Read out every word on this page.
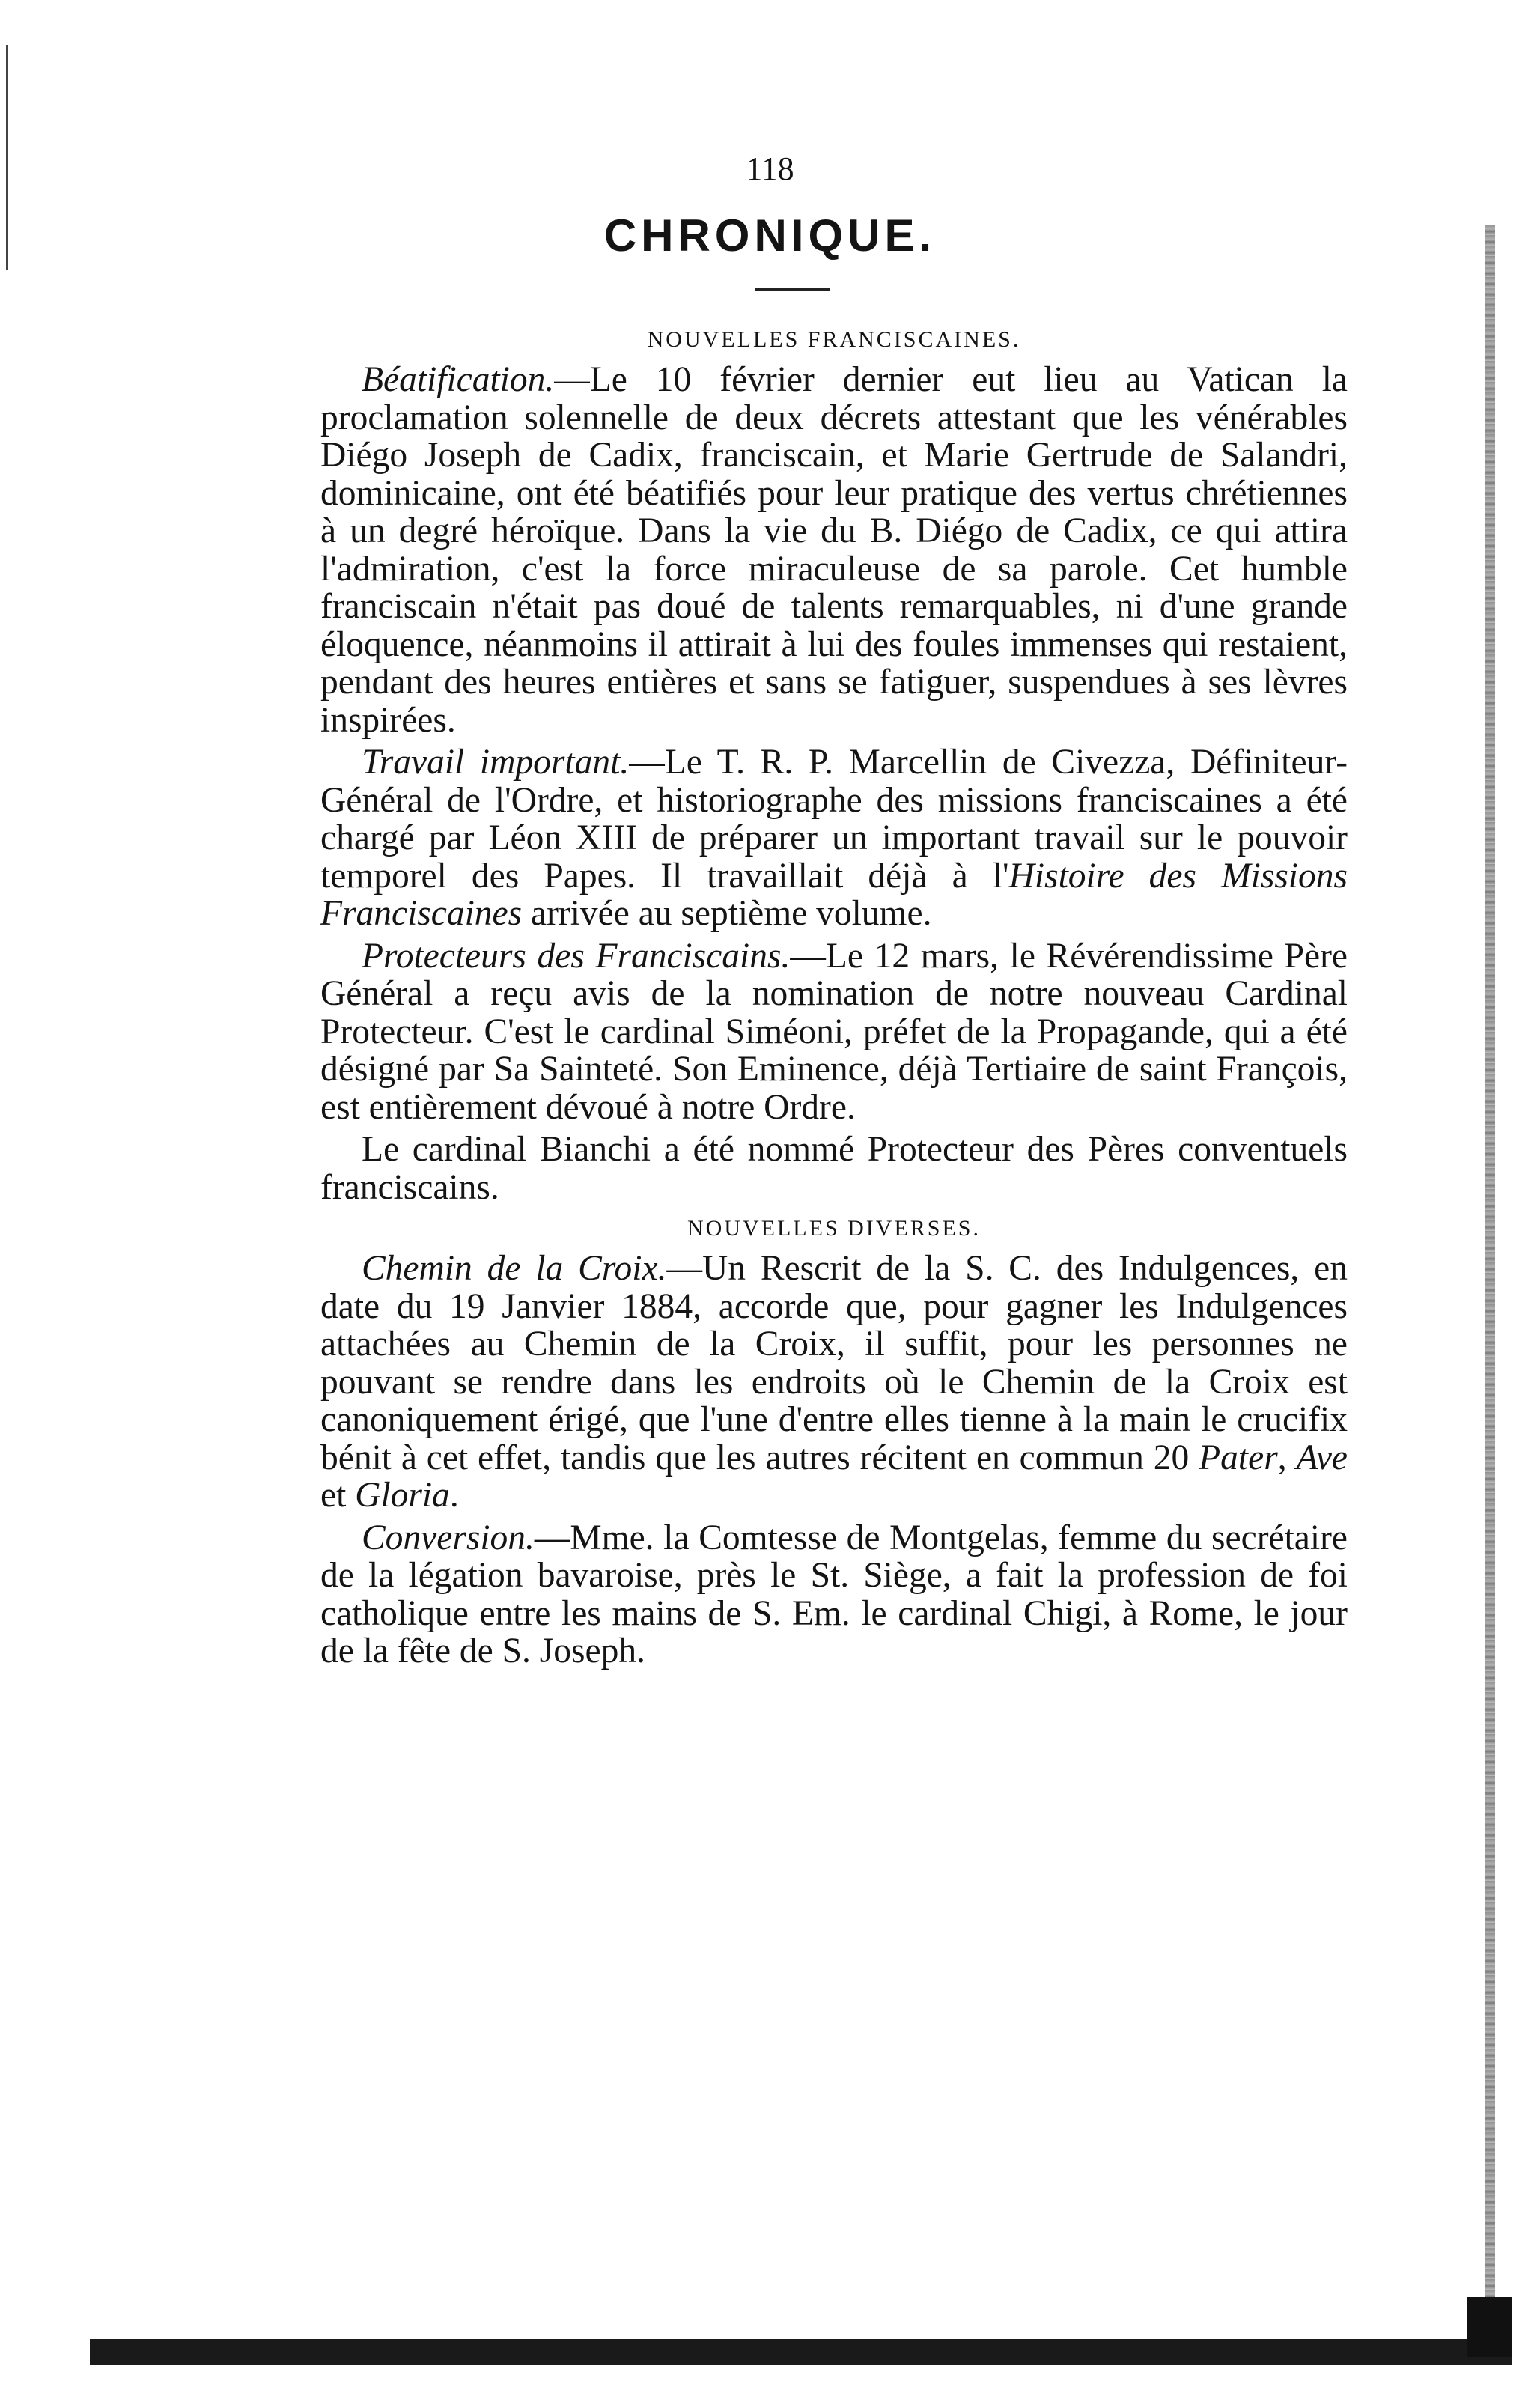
118
CHRONIQUE.
NOUVELLES FRANCISCAINES.

Béatification.—Le 10 février dernier eut lieu au Vatican la proclamation solennelle de deux décrets attestant que les vénérables Diégo Joseph de Cadix, franciscain, et Marie Gertrude de Salandri, dominicaine, ont été béatifiés pour leur pratique des vertus chrétiennes à un degré héroïque. Dans la vie du B. Diégo de Cadix, ce qui attira l'admiration, c'est la force miraculeuse de sa parole. Cet humble franciscain n'était pas doué de talents remarquables, ni d'une grande éloquence, néanmoins il attirait à lui des foules immenses qui restaient, pendant des heures entières et sans se fatiguer, suspendues à ses lèvres inspirées.

Travail important.—Le T. R. P. Marcellin de Civezza, Définiteur-Général de l'Ordre, et historiographe des missions franciscaines a été chargé par Léon XIII de préparer un important travail sur le pouvoir temporel des Papes. Il travaillait déjà à l'Histoire des Missions Franciscaines arrivée au septième volume.

Protecteurs des Franciscains.—Le 12 mars, le Révérendissime Père Général a reçu avis de la nomination de notre nouveau Cardinal Protecteur. C'est le cardinal Siméoni, préfet de la Propagande, qui a été désigné par Sa Sainteté. Son Eminence, déjà Tertiaire de saint François, est entièrement dévoué à notre Ordre.

Le cardinal Bianchi a été nommé Protecteur des Pères conventuels franciscains.

NOUVELLES DIVERSES.

Chemin de la Croix.—Un Rescrit de la S. C. des Indulgences, en date du 19 Janvier 1884, accorde que, pour gagner les Indulgences attachées au Chemin de la Croix, il suffit, pour les personnes ne pouvant se rendre dans les endroits où le Chemin de la Croix est canoniquement érigé, que l'une d'entre elles tienne à la main le crucifix bénit à cet effet, tandis que les autres récitent en commun 20 Pater, Ave et Gloria.

Conversion.—Mme. la Comtesse de Montgelas, femme du secrétaire de la légation bavaroise, près le St. Siège, a fait la profession de foi catholique entre les mains de S. Em. le cardinal Chigi, à Rome, le jour de la fête de S. Joseph.
